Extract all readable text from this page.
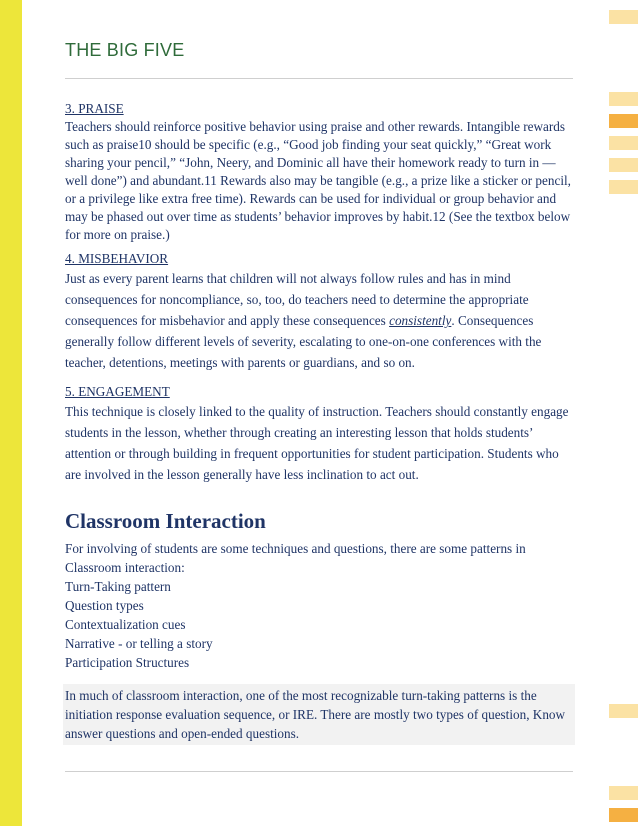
THE BIG FIVE

3. PRAISE

Teachers should reinforce positive behavior using praise and other rewards. Intangible rewards such as praise10 should be specific (e.g., “Good job finding your seat quickly,” “Great work sharing your pencil,” “John, Neery, and Dominic all have their homework ready to turn in — well done”) and abundant.11 Rewards also may be tangible (e.g., a prize like a sticker or pencil, or a privilege like extra free time). Rewards can be used for individual or group behavior and may be phased out over time as students’ behavior improves by habit.12 (See the textbox below for more on praise.)

4. MISBEHAVIOR

Just as every parent learns that children will not always follow rules and has in mind consequences for noncompliance, so, too, do teachers need to determine the appropriate consequences for misbehavior and apply these consequences consistently. Consequences generally follow different levels of severity, escalating to one-on-one conferences with the teacher, detentions, meetings with parents or guardians, and so on.

5. ENGAGEMENT

This technique is closely linked to the quality of instruction. Teachers should constantly engage students in the lesson, whether through creating an interesting lesson that holds students’ attention or through building in frequent opportunities for student participation. Students who are involved in the lesson generally have less inclination to act out.

Classroom Interaction

For involving of students are some techniques and questions, there are some patterns in

Classroom interaction:

Turn-Taking pattern

Question types

Contextualization cues

Narrative - or telling a story

Participation Structures

In much of classroom interaction, one of the most recognizable turn-taking patterns is the initiation response evaluation sequence, or IRE. There are mostly two types of question, Know answer questions and open-ended questions.
